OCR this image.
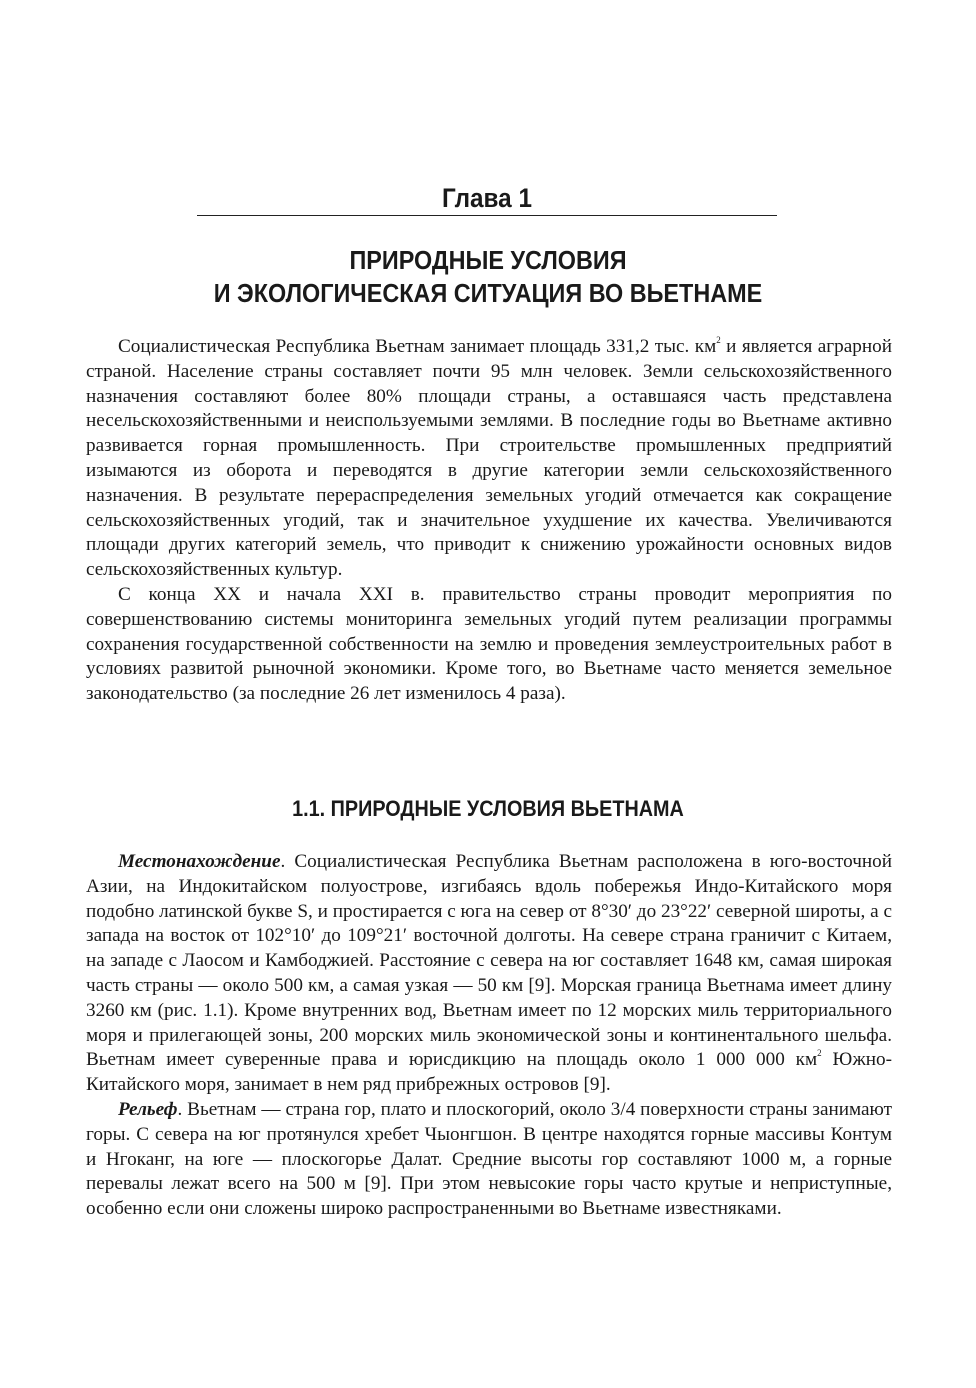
Глава 1
ПРИРОДНЫЕ УСЛОВИЯ
И ЭКОЛОГИЧЕСКАЯ СИТУАЦИЯ ВО ВЬЕТНАМЕ

Социалистическая Республика Вьетнам занимает площадь 331,2 тыс. $км^2$ и является аграрной страной. Население страны составляет почти 95 млн человек. Земли сельскохозяйственного назначения составляют более 80% площади страны, а оставшаяся часть представлена несельскохозяйственными и неиспользуемыми землями. В последние годы во Вьетнаме активно развивается горная промышленность. При строительстве промышленных предприятий изымаются из оборота и переводятся в другие категории земли сельскохозяйственного назначения. В результате перераспределения земельных угодий отмечается как сокращение сельскохозяйственных угодий, так и значительное ухудшение их качества. Увеличиваются площади других категорий земель, что приводит к снижению урожайности основных видов сельскохозяйственных культур.

С конца XX и начала XXI в. правительство страны проводит мероприятия по совершенствованию системы мониторинга земельных угодий путем реализации программы сохранения государственной собственности на землю и проведения землеустроительных работ в условиях развитой рыночной экономики. Кроме того, во Вьетнаме часто меняется земельное законодательство (за последние 26 лет изменилось 4 раза).

1.1. ПРИРОДНЫЕ УСЛОВИЯ ВЬЕТНАМА

Местонахождение. Социалистическая Республика Вьетнам расположена в юго-восточной Азии, на Индокитайском полуострове, изгибаясь вдоль побережья Индо-Китайского моря подобно латинской букве S, и простирается с юга на север от 8°30′ до 23°22′ северной широты, а с запада на восток от 102°10′ до 109°21′ восточной долготы. На севере страна граничит с Китаем, на западе с Лаосом и Камбоджией. Расстояние с севера на юг составляет 1648 км, самая широкая часть страны — около 500 км, а самая узкая — 50 км [9]. Морская граница Вьетнама имеет длину 3260 км (рис. 1.1). Кроме внутренних вод, Вьетнам имеет по 12 морских миль территориального моря и прилегающей зоны, 200 морских миль экономической зоны и континентального шельфа. Вьетнам имеет суверенные права и юрисдикцию на площадь около 1 000 000 $км^2$ Южно-Китайского моря, занимает в нем ряд прибрежных островов [9].

Рельеф. Вьетнам — страна гор, плато и плоскогорий, около 3/4 поверхности страны занимают горы. С севера на юг протянулся хребет Чыонгшон. В центре находятся горные массивы Контум и Нгоканг, на юге — плоскогорье Далат. Средние высоты гор составляют 1000 м, а горные перевалы лежат всего на 500 м [9]. При этом невысокие горы часто крутые и неприступные, особенно если они сложены широко распространенными во Вьетнаме известняками.
